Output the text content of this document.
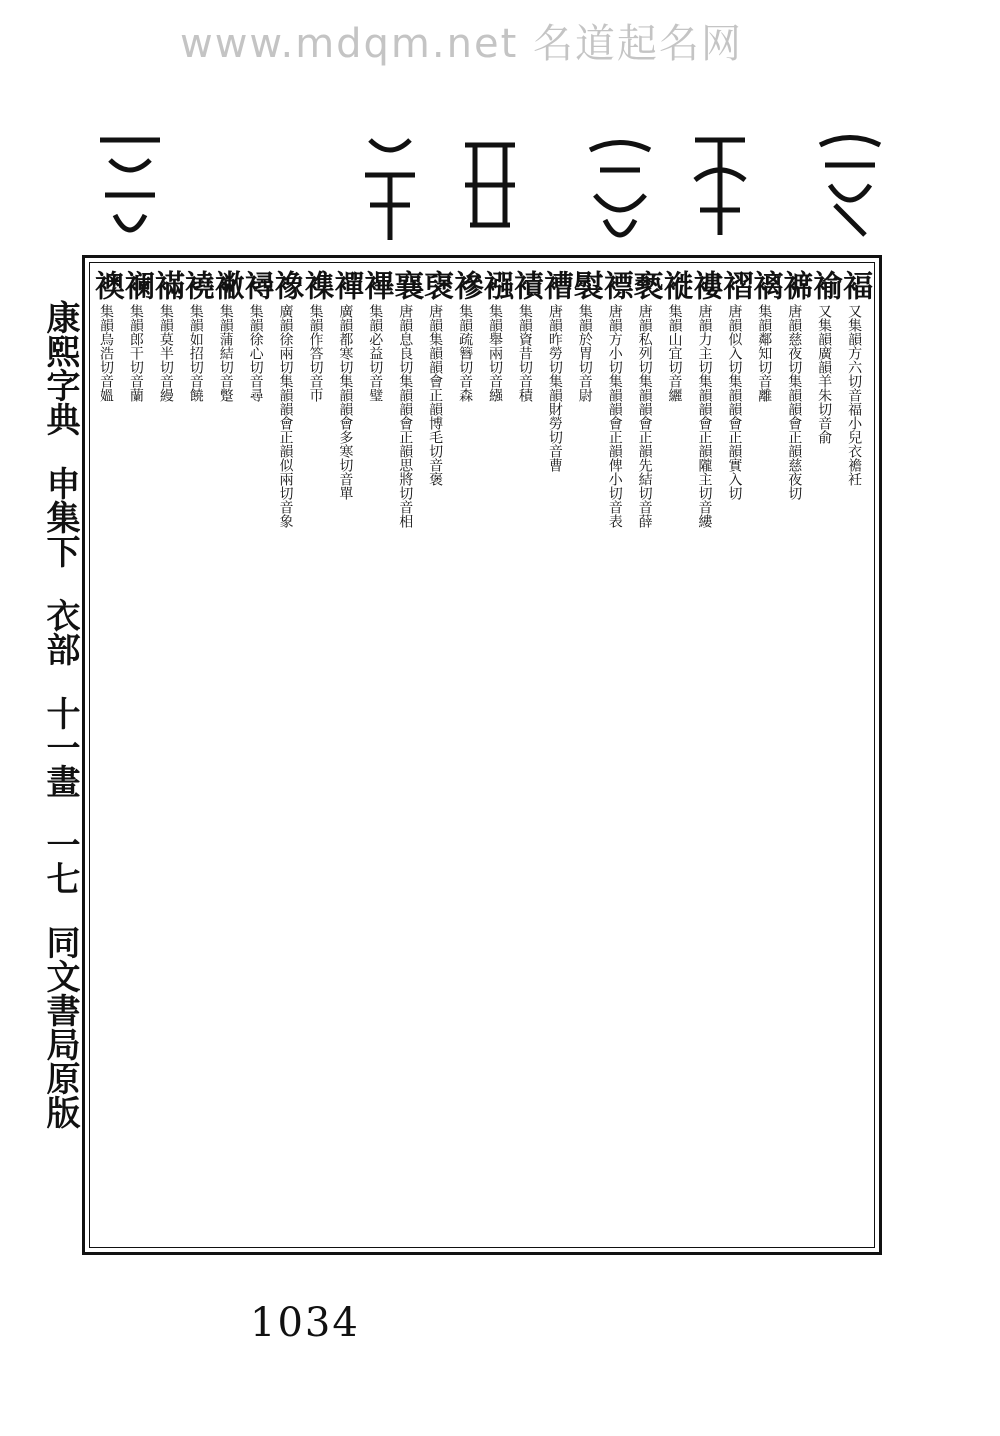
www.mdqm.net 名道起名网
褔又集韻方六切音福小兒衣襜衽
褕又集韻廣韻羊朱切音俞
褯唐韻慈夜切集韻韻會正韻慈夜切
褵集韻鄰知切音離
褶唐韻似入切集韻韻會正韻實入切
褸唐韻力主切集韻韻會正韻隴主切音縷
褷集韻山宜切音纚
褻唐韻私列切集韻韻會正韻先結切音薛
褾唐韻方小切集韻韻會正韻俾小切音表
褽集韻於胃切音尉
褿唐韻昨勞切集韻財勞切音曹
襀集韻資昔切音積
襁集韻舉兩切音繦
襂集韻疏簪切音森
襃唐韻集韻韻會正韻博毛切音褒
襄唐韻息良切集韻韻會正韻思將切音相
襅集韻必益切音璧
襌廣韻都寒切集韻韻會多寒切音單
襍集韻作答切音帀
襐廣韻徐兩切集韻韻會正韻似兩切音象
襑集韻徐心切音尋
襒集韻蒲結切音蹩
襓集韻如招切音饒
襔集韻莫半切音縵
襕集韻郎干切音蘭
襖集韻烏浩切音媼
康熙字典 申集下 衣部 十一畫 一七 同文書局原版
1034
